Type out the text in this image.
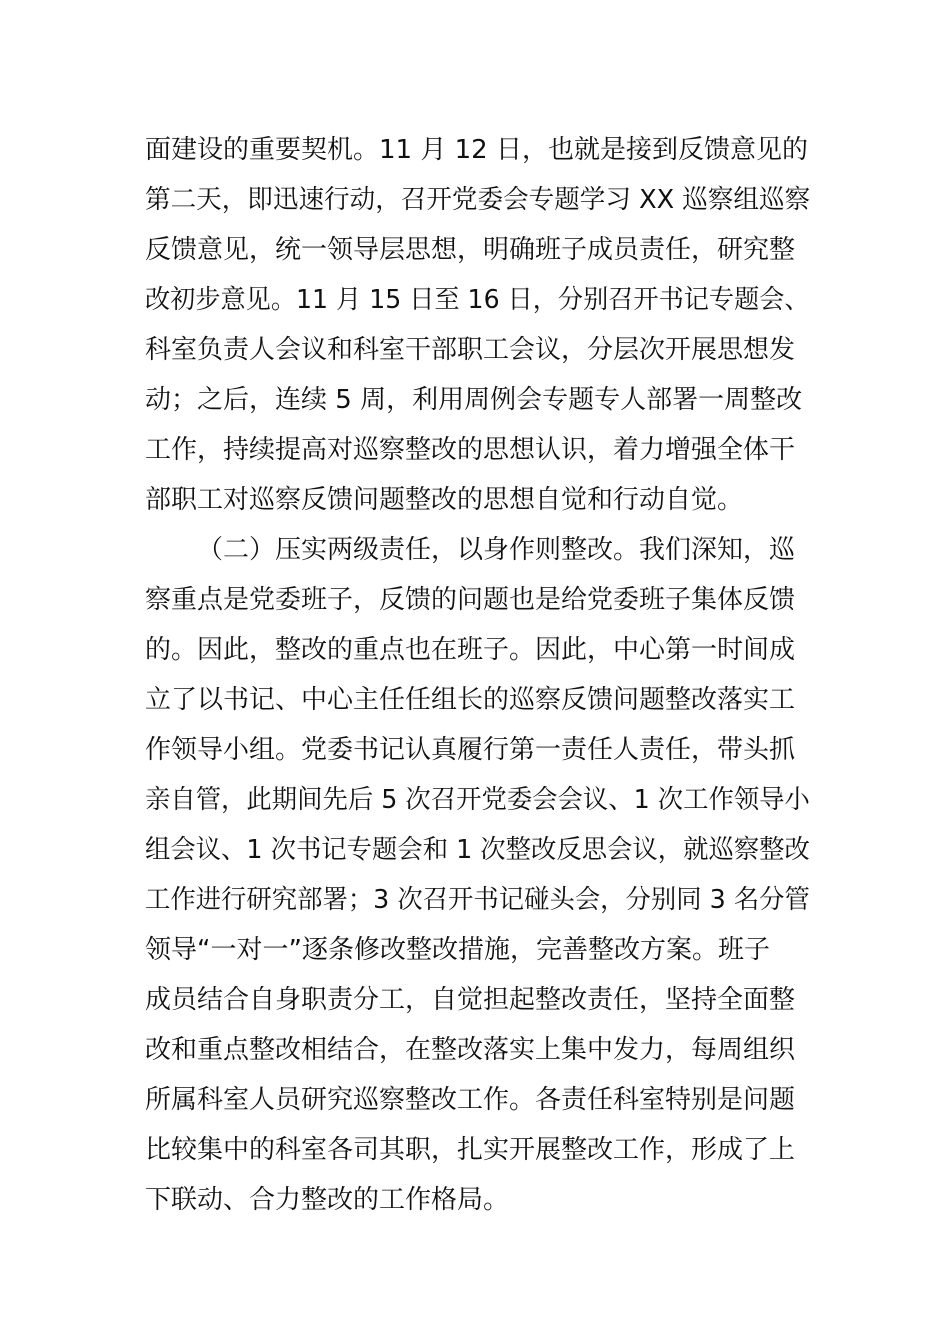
面建设的重要契机。11 月 12 日，也就是接到反馈意见的
第二天，即迅速行动，召开党委会专题学习 XX 巡察组巡察
反馈意见，统一领导层思想，明确班子成员责任，研究整
改初步意见。11 月 15 日至 16 日，分别召开书记专题会、
科室负责人会议和科室干部职工会议，分层次开展思想发
动；之后，连续 5 周，利用周例会专题专人部署一周整改
工作，持续提高对巡察整改的思想认识，着力增强全体干
部职工对巡察反馈问题整改的思想自觉和行动自觉。
（二）压实两级责任，以身作则整改。我们深知，巡
察重点是党委班子，反馈的问题也是给党委班子集体反馈
的。因此，整改的重点也在班子。因此，中心第一时间成
立了以书记、中心主任任组长的巡察反馈问题整改落实工
作领导小组。党委书记认真履行第一责任人责任，带头抓
亲自管，此期间先后 5 次召开党委会会议、1 次工作领导小
组会议、1 次书记专题会和 1 次整改反思会议，就巡察整改
工作进行研究部署；3 次召开书记碰头会，分别同 3 名分管
领导“一对一”逐条修改整改措施，完善整改方案。班子
成员结合自身职责分工，自觉担起整改责任，坚持全面整
改和重点整改相结合，在整改落实上集中发力，每周组织
所属科室人员研究巡察整改工作。各责任科室特别是问题
比较集中的科室各司其职，扎实开展整改工作，形成了上
下联动、合力整改的工作格局。
